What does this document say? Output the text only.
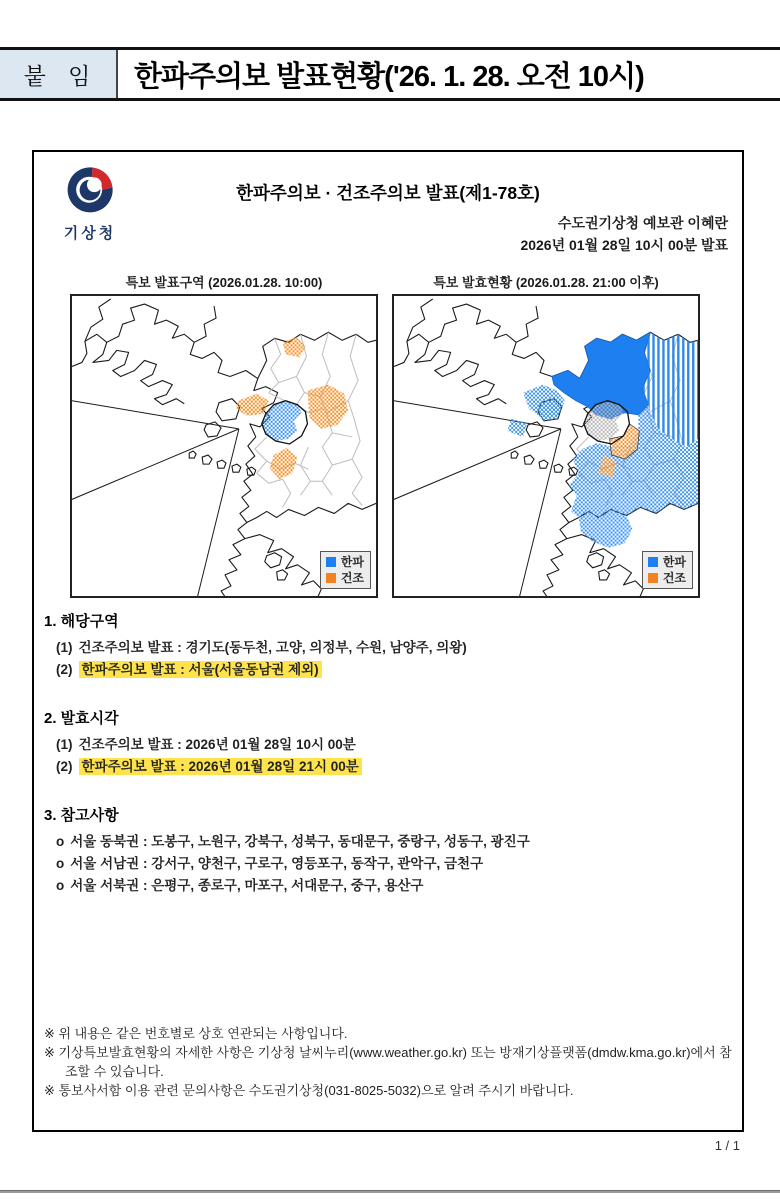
붙 임	한파주의보 발표현황('26. 1. 28. 오전 10시)
기상청
한파주의보 · 건조주의보 발표(제1-78호)
수도권기상청 예보관 이혜란
2026년 01월 28일 10시 00분 발표
특보 발표구역 (2026.01.28. 10:00)
한파
건조
특보 발효현황 (2026.01.28. 21:00 이후)
한파
건조
1. 해당구역
(1) 건조주의보 발표 : 경기도(동두천, 고양, 의정부, 수원, 남양주, 의왕)
(2) 한파주의보 발표 : 서울(서울동남권 제외)
2. 발효시각
(1) 건조주의보 발표 : 2026년 01월 28일 10시 00분
(2) 한파주의보 발표 : 2026년 01월 28일 21시 00분
3. 참고사항
o 서울 동북권 : 도봉구, 노원구, 강북구, 성북구, 동대문구, 중랑구, 성동구, 광진구
o 서울 서남권 : 강서구, 양천구, 구로구, 영등포구, 동작구, 관악구, 금천구
o 서울 서북권 : 은평구, 종로구, 마포구, 서대문구, 중구, 용산구
※ 위 내용은 같은 번호별로 상호 연관되는 사항입니다.
※ 기상특보발효현황의 자세한 사항은 기상청 날씨누리(www.weather.go.kr) 또는 방재기상플랫폼(dmdw.kma.go.kr)에서 참조할 수 있습니다.
※ 통보사서함 이용 관련 문의사항은 수도권기상청(031-8025-5032)으로 알려 주시기 바랍니다.
1 / 1
